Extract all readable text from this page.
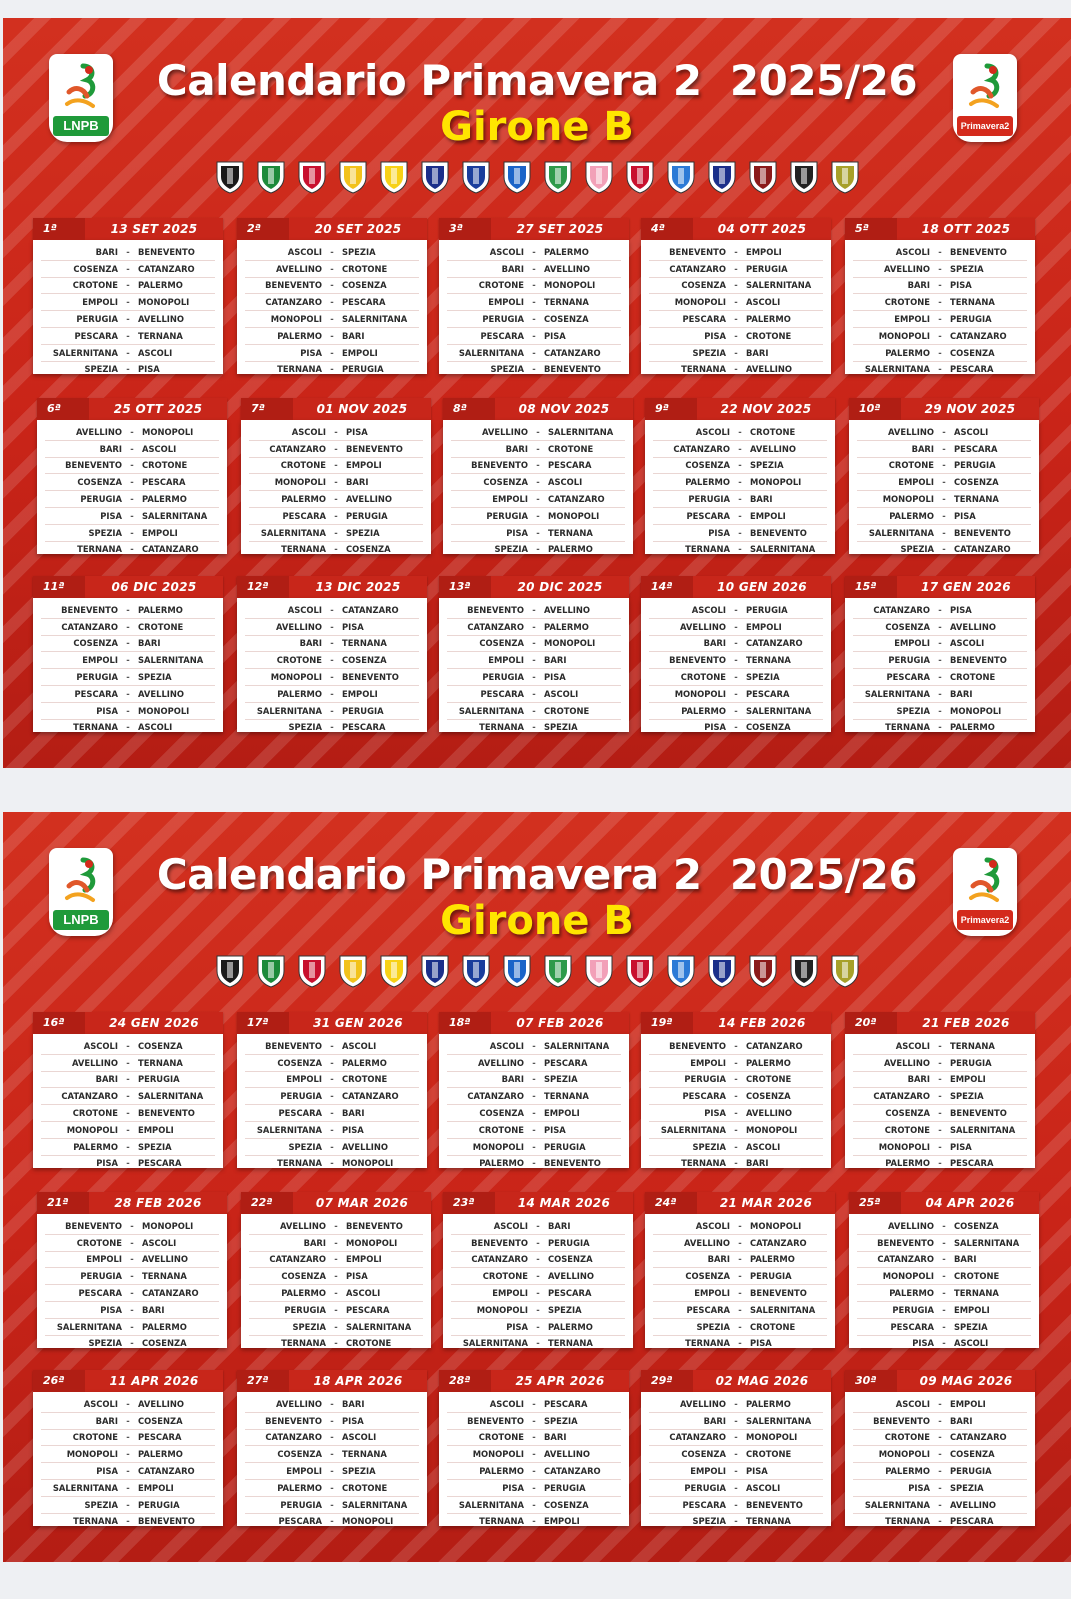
Calendario Primavera 2  2025/26
Girone B
LNPB	Primavera2
1ª	13 SET 2025
BARI - BENEVENTO
COSENZA - CATANZARO
CROTONE - PALERMO
EMPOLI - MONOPOLI
PERUGIA - AVELLINO
PESCARA - TERNANA
SALERNITANA - ASCOLI
SPEZIA - PISA
2ª	20 SET 2025
ASCOLI - SPEZIA
AVELLINO - CROTONE
BENEVENTO - COSENZA
CATANZARO - PESCARA
MONOPOLI - SALERNITANA
PALERMO - BARI
PISA - EMPOLI
TERNANA - PERUGIA
3ª	27 SET 2025
ASCOLI - PALERMO
BARI - AVELLINO
CROTONE - MONOPOLI
EMPOLI - TERNANA
PERUGIA - COSENZA
PESCARA - PISA
SALERNITANA - CATANZARO
SPEZIA - BENEVENTO
4ª	04 OTT 2025
BENEVENTO - EMPOLI
CATANZARO - PERUGIA
COSENZA - SALERNITANA
MONOPOLI - ASCOLI
PESCARA - PALERMO
PISA - CROTONE
SPEZIA - BARI
TERNANA - AVELLINO
5ª	18 OTT 2025
ASCOLI - BENEVENTO
AVELLINO - SPEZIA
BARI - PISA
CROTONE - TERNANA
EMPOLI - PERUGIA
MONOPOLI - CATANZARO
PALERMO - COSENZA
SALERNITANA - PESCARA
6ª	25 OTT 2025
AVELLINO - MONOPOLI
BARI - ASCOLI
BENEVENTO - CROTONE
COSENZA - PESCARA
PERUGIA - PALERMO
PISA - SALERNITANA
SPEZIA - EMPOLI
TERNANA - CATANZARO
7ª	01 NOV 2025
ASCOLI - PISA
CATANZARO - BENEVENTO
CROTONE - EMPOLI
MONOPOLI - BARI
PALERMO - AVELLINO
PESCARA - PERUGIA
SALERNITANA - SPEZIA
TERNANA - COSENZA
8ª	08 NOV 2025
AVELLINO - SALERNITANA
BARI - CROTONE
BENEVENTO - PESCARA
COSENZA - ASCOLI
EMPOLI - CATANZARO
PERUGIA - MONOPOLI
PISA - TERNANA
SPEZIA - PALERMO
9ª	22 NOV 2025
ASCOLI - CROTONE
CATANZARO - AVELLINO
COSENZA - SPEZIA
PALERMO - MONOPOLI
PERUGIA - BARI
PESCARA - EMPOLI
PISA - BENEVENTO
TERNANA - SALERNITANA
10ª	29 NOV 2025
AVELLINO - ASCOLI
BARI - PESCARA
CROTONE - PERUGIA
EMPOLI - COSENZA
MONOPOLI - TERNANA
PALERMO - PISA
SALERNITANA - BENEVENTO
SPEZIA - CATANZARO
11ª	06 DIC 2025
BENEVENTO - PALERMO
CATANZARO - CROTONE
COSENZA - BARI
EMPOLI - SALERNITANA
PERUGIA - SPEZIA
PESCARA - AVELLINO
PISA - MONOPOLI
TERNANA - ASCOLI
12ª	13 DIC 2025
ASCOLI - CATANZARO
AVELLINO - PISA
BARI - TERNANA
CROTONE - COSENZA
MONOPOLI - BENEVENTO
PALERMO - EMPOLI
SALERNITANA - PERUGIA
SPEZIA - PESCARA
13ª	20 DIC 2025
BENEVENTO - AVELLINO
CATANZARO - PALERMO
COSENZA - MONOPOLI
EMPOLI - BARI
PERUGIA - PISA
PESCARA - ASCOLI
SALERNITANA - CROTONE
TERNANA - SPEZIA
14ª	10 GEN 2026
ASCOLI - PERUGIA
AVELLINO - EMPOLI
BARI - CATANZARO
BENEVENTO - TERNANA
CROTONE - SPEZIA
MONOPOLI - PESCARA
PALERMO - SALERNITANA
PISA - COSENZA
15ª	17 GEN 2026
CATANZARO - PISA
COSENZA - AVELLINO
EMPOLI - ASCOLI
PERUGIA - BENEVENTO
PESCARA - CROTONE
SALERNITANA - BARI
SPEZIA - MONOPOLI
TERNANA - PALERMO
Calendario Primavera 2  2025/26
Girone B
LNPB	Primavera2
16ª	24 GEN 2026
ASCOLI - COSENZA
AVELLINO - TERNANA
BARI - PERUGIA
CATANZARO - SALERNITANA
CROTONE - BENEVENTO
MONOPOLI - EMPOLI
PALERMO - SPEZIA
PISA - PESCARA
17ª	31 GEN 2026
BENEVENTO - ASCOLI
COSENZA - PALERMO
EMPOLI - CROTONE
PERUGIA - CATANZARO
PESCARA - BARI
SALERNITANA - PISA
SPEZIA - AVELLINO
TERNANA - MONOPOLI
18ª	07 FEB 2026
ASCOLI - SALERNITANA
AVELLINO - PESCARA
BARI - SPEZIA
CATANZARO - TERNANA
COSENZA - EMPOLI
CROTONE - PISA
MONOPOLI - PERUGIA
PALERMO - BENEVENTO
19ª	14 FEB 2026
BENEVENTO - CATANZARO
EMPOLI - PALERMO
PERUGIA - CROTONE
PESCARA - COSENZA
PISA - AVELLINO
SALERNITANA - MONOPOLI
SPEZIA - ASCOLI
TERNANA - BARI
20ª	21 FEB 2026
ASCOLI - TERNANA
AVELLINO - PERUGIA
BARI - EMPOLI
CATANZARO - SPEZIA
COSENZA - BENEVENTO
CROTONE - SALERNITANA
MONOPOLI - PISA
PALERMO - PESCARA
21ª	28 FEB 2026
BENEVENTO - MONOPOLI
CROTONE - ASCOLI
EMPOLI - AVELLINO
PERUGIA - TERNANA
PESCARA - CATANZARO
PISA - BARI
SALERNITANA - PALERMO
SPEZIA - COSENZA
22ª	07 MAR 2026
AVELLINO - BENEVENTO
BARI - MONOPOLI
CATANZARO - EMPOLI
COSENZA - PISA
PALERMO - ASCOLI
PERUGIA - PESCARA
SPEZIA - SALERNITANA
TERNANA - CROTONE
23ª	14 MAR 2026
ASCOLI - BARI
BENEVENTO - PERUGIA
CATANZARO - COSENZA
CROTONE - AVELLINO
EMPOLI - PESCARA
MONOPOLI - SPEZIA
PISA - PALERMO
SALERNITANA - TERNANA
24ª	21 MAR 2026
ASCOLI - MONOPOLI
AVELLINO - CATANZARO
BARI - PALERMO
COSENZA - PERUGIA
EMPOLI - BENEVENTO
PESCARA - SALERNITANA
SPEZIA - CROTONE
TERNANA - PISA
25ª	04 APR 2026
AVELLINO - COSENZA
BENEVENTO - SALERNITANA
CATANZARO - BARI
MONOPOLI - CROTONE
PALERMO - TERNANA
PERUGIA - EMPOLI
PESCARA - SPEZIA
PISA - ASCOLI
26ª	11 APR 2026
ASCOLI - AVELLINO
BARI - COSENZA
CROTONE - PESCARA
MONOPOLI - PALERMO
PISA - CATANZARO
SALERNITANA - EMPOLI
SPEZIA - PERUGIA
TERNANA - BENEVENTO
27ª	18 APR 2026
AVELLINO - BARI
BENEVENTO - PISA
CATANZARO - ASCOLI
COSENZA - TERNANA
EMPOLI - SPEZIA
PALERMO - CROTONE
PERUGIA - SALERNITANA
PESCARA - MONOPOLI
28ª	25 APR 2026
ASCOLI - PESCARA
BENEVENTO - SPEZIA
CROTONE - BARI
MONOPOLI - AVELLINO
PALERMO - CATANZARO
PISA - PERUGIA
SALERNITANA - COSENZA
TERNANA - EMPOLI
29ª	02 MAG 2026
AVELLINO - PALERMO
BARI - SALERNITANA
CATANZARO - MONOPOLI
COSENZA - CROTONE
EMPOLI - PISA
PERUGIA - ASCOLI
PESCARA - BENEVENTO
SPEZIA - TERNANA
30ª	09 MAG 2026
ASCOLI - EMPOLI
BENEVENTO - BARI
CROTONE - CATANZARO
MONOPOLI - COSENZA
PALERMO - PERUGIA
PISA - SPEZIA
SALERNITANA - AVELLINO
TERNANA - PESCARA
